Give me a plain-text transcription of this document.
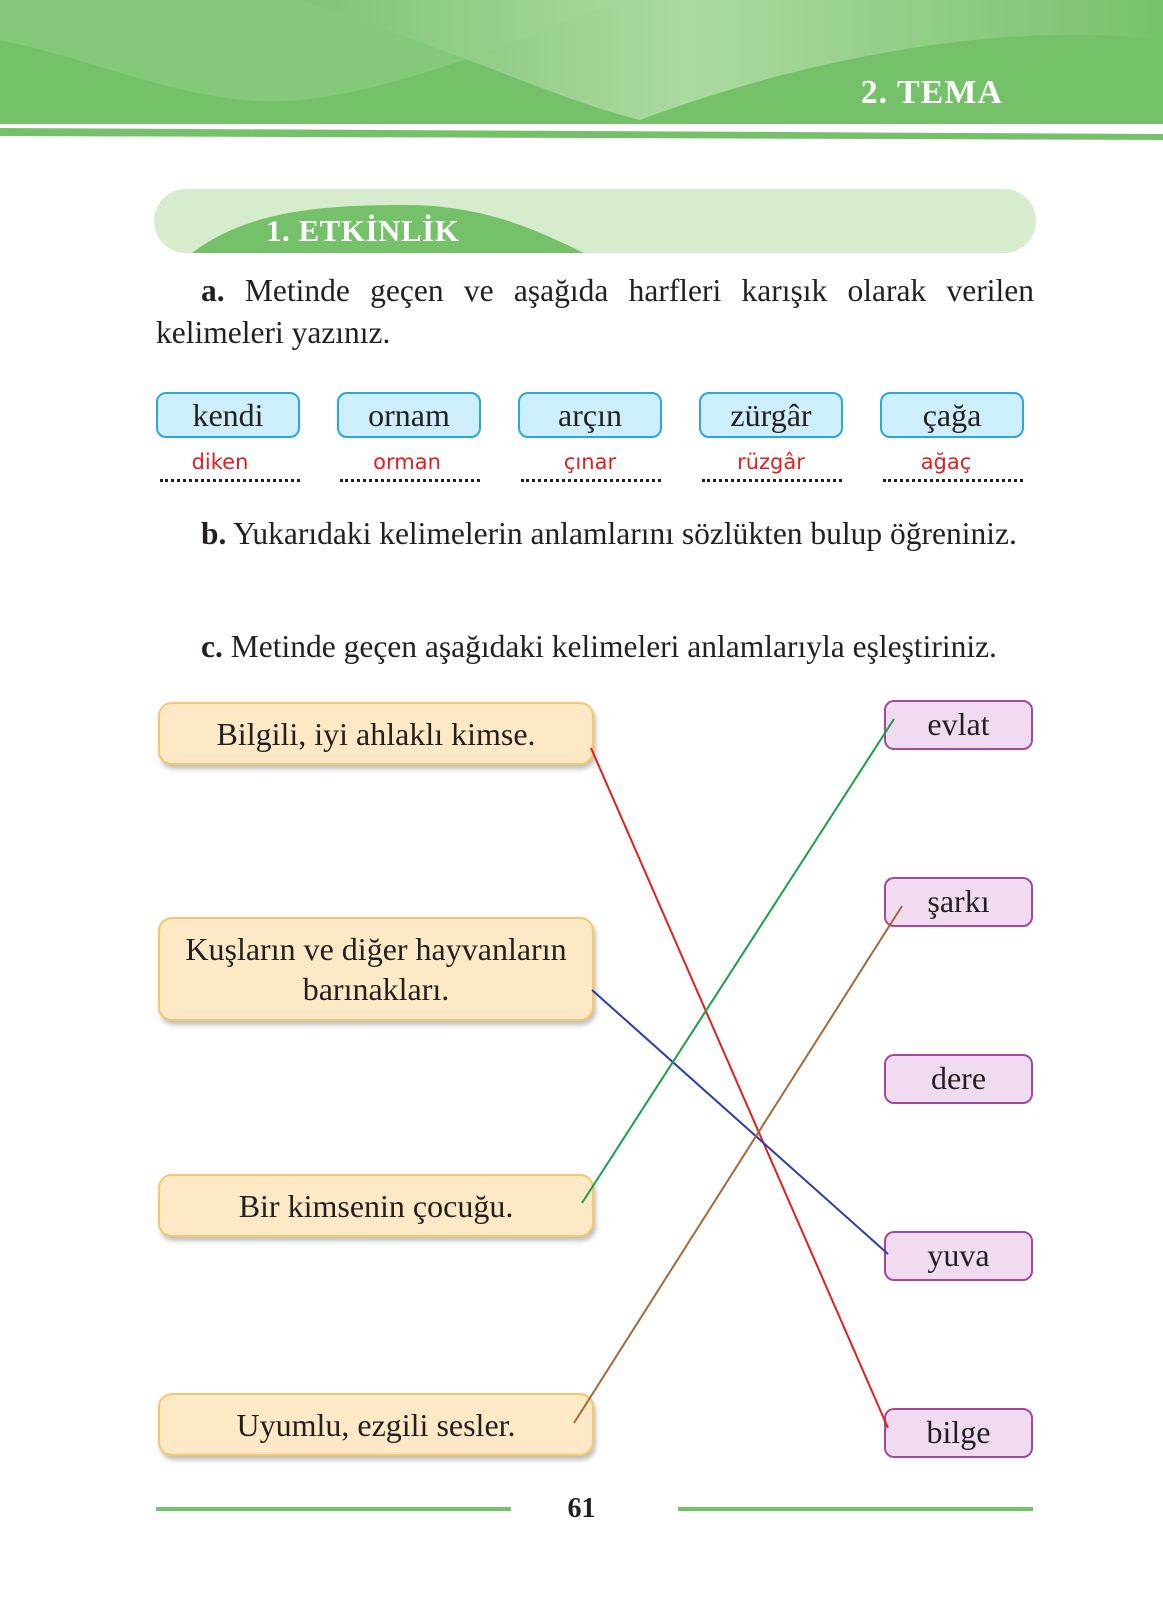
2. TEMA
1. ETKİNLİK
a. Metinde geçen ve aşağıda harfleri karışık olarak verilen kelimeleri yazınız.
kendi	ornam	arçın	zürgâr	çağa
diken	orman	çınar	rüzgâr	ağaç
b. Yukarıdaki kelimelerin anlamlarını sözlükten bulup öğreniniz.
c. Metinde geçen aşağıdaki kelimeleri anlamlarıyla eşleştiriniz.
Bilgili, iyi ahlaklı kimse.
Kuşların ve diğer hayvanların barınakları.
Bir kimsenin çocuğu.
Uyumlu, ezgili sesler.
evlat
şarkı
dere
yuva
bilge
61
